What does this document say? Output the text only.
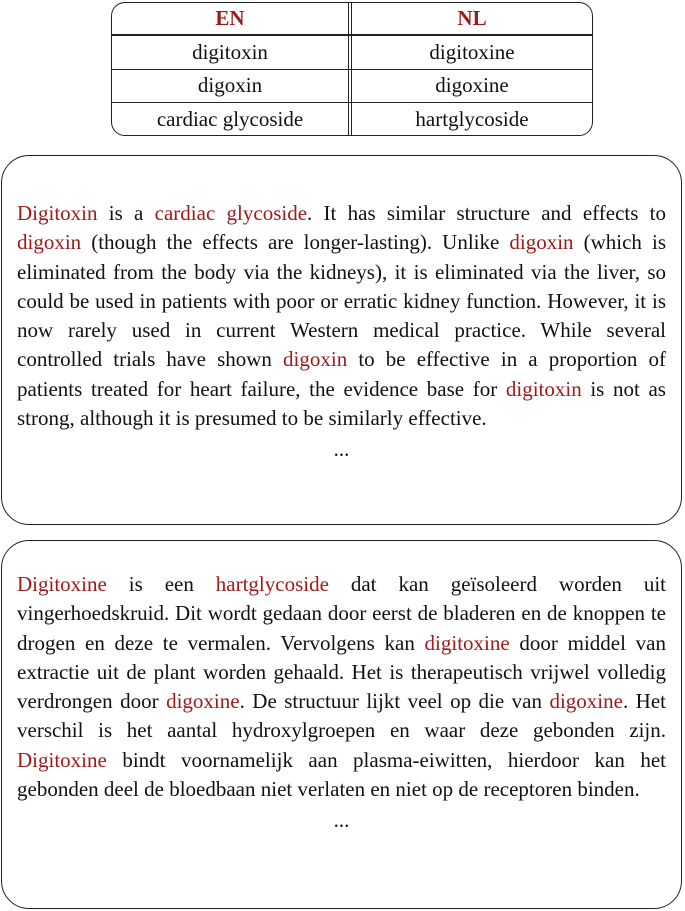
EN	NL
digitoxin	digitoxine
digoxin	digoxine
cardiac glycoside	hartglycoside

Digitoxin is a cardiac glycoside. It has similar structure and effects to digoxin (though the effects are longer-lasting). Unlike digoxin (which is eliminated from the body via the kidneys), it is eliminated via the liver, so could be used in patients with poor or erratic kidney function. However, it is now rarely used in current Western medical practice. While several controlled trials have shown digoxin to be effective in a proportion of patients treated for heart failure, the evidence base for digitoxin is not as strong, although it is presumed to be similarly effective.

...

Digitoxine is een hartglycoside dat kan geïsoleerd worden uit vingerhoedskruid. Dit wordt gedaan door eerst de bladeren en de knoppen te drogen en deze te vermalen. Vervolgens kan digitoxine door middel van extractie uit de plant worden gehaald. Het is therapeutisch vrijwel volledig verdrongen door digoxine. De structuur lijkt veel op die van digoxine. Het verschil is het aantal hydroxylgroepen en waar deze gebonden zijn. Digitoxine bindt voornamelijk aan plasma-eiwitten, hierdoor kan het gebonden deel de bloedbaan niet verlaten en niet op de receptoren binden.

...
